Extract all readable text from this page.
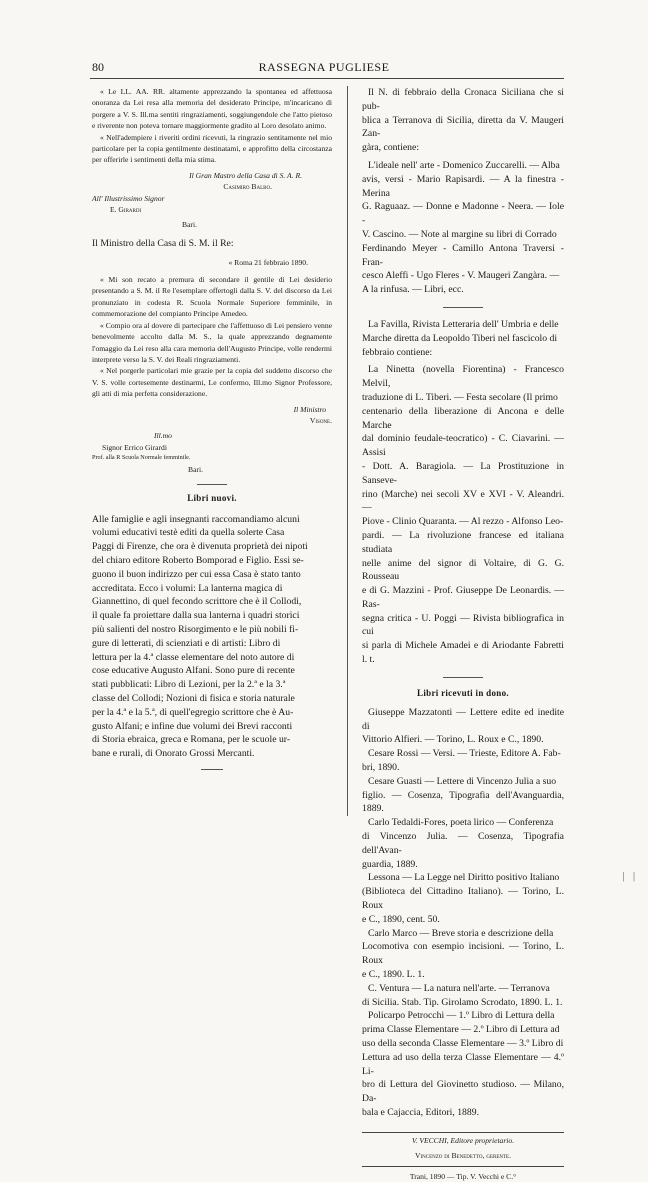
80	RASSEGNA PUGLIESE

« Le LL. AA. RR. altamente apprezzando la spontanea ed affettuosa onoranza da Lei resa alla memoria del desiderato Principe, m'incaricano di porgere a V. S. Ill.ma sentiti ringraziamenti, soggiungendole che l'atto pietoso e riverente non poteva tornare maggiormente gradito al Loro desolato animo.

« Nell'adempiere i riveriti ordini ricevuti, la ringrazio sentitamente nel mio particolare per la copia gentilmente destinatami, e approfitto della circostanza per offerirle i sentimenti della mia stima.

Il Gran Mastro della Casa di S. A. R.

Casimiro Balbo.

All' Illustrissimo Signor

E. Girardi

Bari.

Il Ministro della Casa di S. M. il Re:

« Roma 21 febbraio 1890.

« Mi son recato a premura di secondare il gentile di Lei desiderio presentando a S. M. il Re l'esemplare offertogli dalla S. V. del discorso da Lei pronunziato in codesta R. Scuola Normale Superiore femminile, in commemorazione del compianto Principe Amedeo.

« Compio ora al dovere di partecipare che l'affettuoso di Lei pensiero venne benevolmente accolto dalla M. S., la quale apprezzando degnamente l'omaggio da Lei reso alla cara memoria dell'Augusto Principe, volle rendermi interprete verso la S. V. dei Reali ringraziamenti.

« Nel porgerle particolari mie grazie per la copia del suddetto discorso che V. S. volle cortesemente destinarmi, Le confermo, Ill.mo Signor Professore, gli atti di mia perfetta considerazione.

Il Ministro

Visone.

Ill.mo

Signor Errico Girardi

Prof. alla R Scuola Normale femminile.

Bari.

Libri nuovi.

Alle famiglie e agli insegnanti raccomandiamo alcuni
volumi educativi testè editi da quella solerte Casa
Paggi di Firenze, che ora è divenuta proprietà dei nipoti
del chiaro editore Roberto Bomporad e Figlio. Essi se-
guono il buon indirizzo per cui essa Casa è stato tanto
accreditata. Ecco i volumi: La lanterna magica di
Giannettino, di quel fecondo scrittore che è il Collodi,
il quale fa proiettare dalla sua lanterna i quadri storici
più salienti del nostro Risorgimento e le più nobili fi-
gure di letterati, di scienziati e di artisti: Libro di
lettura per la 4.ª classe elementare del noto autore di
cose educative Augusto Alfani. Sono pure di recente
stati pubblicati: Libro di Lezioni, per la 2.ª e la 3.ª
classe del Collodi; Nozioni di fisica e storia naturale
per la 4.ª e la 5.ª, di quell'egregio scrittore che è Au-
gusto Alfani; e infine due volumi dei Brevi racconti
di Storia ebraica, greca e Romana, per le scuole ur-
bane e rurali, di Onorato Grossi Mercanti.
Il N. di febbraio della Cronaca Siciliana che si pub-
blica a Terranova di Sicilia, diretta da V. Maugeri Zan-
gàra, contiene:
L'ideale nell' arte - Domenico Zuccarelli. — Alba
avis, versi - Mario Rapisardi. — A la finestra - Merina
G. Raguaaz. — Donne e Madonne - Neera. — Iole -
V. Cascino. — Note al margine su libri di Corrado
Ferdinando Meyer - Camillo Antona Traversi - Fran-
cesco Aleffi - Ugo Fleres - V. Maugeri Zangàra. —
A la rinfusa. — Libri, ecc.
La Favilla, Rivista Letteraria dell' Umbria e delle
Marche diretta da Leopoldo Tiberi nel fascicolo di
febbraio contiene:
La Ninetta (novella Fiorentina) - Francesco Melvil,
traduzione di L. Tiberi. — Festa secolare (Il primo
centenario della liberazione di Ancona e delle Marche
dal dominio feudale-teocratico) - C. Ciavarini. — Assisi
- Dott. A. Baragiola. — La Prostituzione in Sanseve-
rino (Marche) nei secoli XV e XVI - V. Aleandri. —
Piove - Clinio Quaranta. — Al rezzo - Alfonso Leo-
pardi. — La rivoluzione francese ed italiana studiata
nelle anime del signor di Voltaire, di G. G. Rousseau
e di G. Mazzini - Prof. Giuseppe De Leonardis. — Ras-
segna critica - U. Poggi — Rivista bibliografica in cui
si parla di Michele Amadei e di Ariodante Fabretti l. t.

Libri ricevuti in dono.

Giuseppe Mazzatonti — Lettere edite ed inedite di
Vittorio Alfieri. — Torino, L. Roux e C., 1890.
Cesare Rossi — Versi. — Trieste, Editore A. Fab-
bri, 1890.
Cesare Guasti — Lettere di Vincenzo Julia a suo
figlio. — Cosenza, Tipografia dell'Avanguardia, 1889.
Carlo Tedaldi-Fores, poeta lirico — Conferenza
di Vincenzo Julia. — Cosenza, Tipografia dell'Avan-
guardia, 1889.
Lessona — La Legge nel Diritto positivo Italiano
(Biblioteca del Cittadino Italiano). — Torino, L. Roux
e C., 1890, cent. 50.
Carlo Marco — Breve storia e descrizione della
Locomotiva con esempio incisioni. — Torino, L. Roux
e C., 1890. L. 1.
C. Ventura — La natura nell'arte. — Terranova
di Sicilia. Stab. Tip. Girolamo Scrodato, 1890. L. 1.
Policarpo Petrocchi — 1.º Libro di Lettura della
prima Classe Elementare — 2.º Libro di Lettura ad
uso della seconda Classe Elementare — 3.º Libro di
Lettura ad uso della terza Classe Elementare — 4.º Li-
bro di Lettura del Giovinetto studioso. — Milano, Da-
bala e Cajaccia, Editori, 1889.

V. VECCHI, Editore proprietario.

Vincenzo di Benedetto, gerente.

Trani, 1890 — Tip. V. Vecchi e C.°

| |
